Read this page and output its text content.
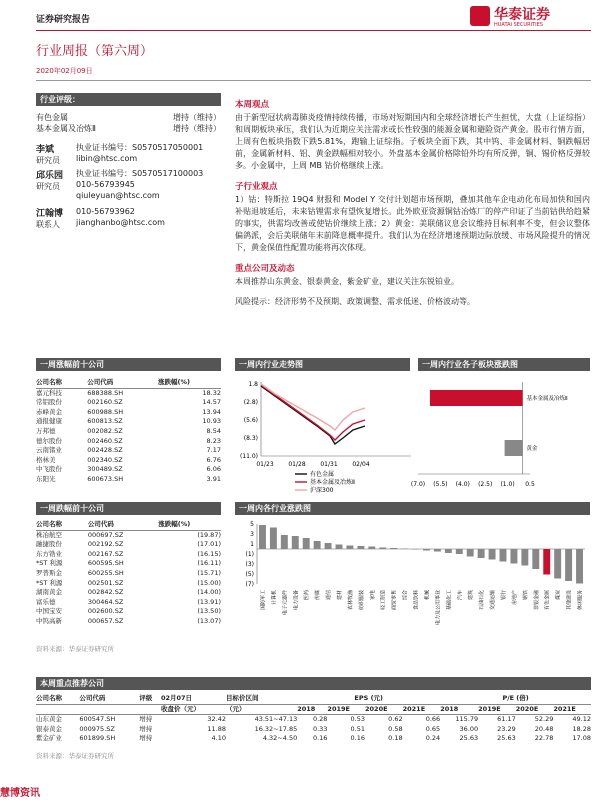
证券研究报告	华泰证券
HUATAI SECURITIES
行业周报（第六周）
2020年02月09日
行业评级：
有色金属	增持（维持）
基本金属及冶炼Ⅱ	增持（维持）
李斌
研究员
执业证书编号：S0570517050001
libin@htsc.com
邱乐园
研究员
执业证书编号：S0570517100003
010-56793945
qiuleyuan@htsc.com
江翰博
联系人
010-56793962
jianghanbo@htsc.com
本周观点
由于新型冠状病毒肺炎疫情持续传播，市场对短期国内和全球经济增长产生担忧，大盘（上证综指）和周期板块承压，我们认为近期应关注需求或长性较强的能源金属和避险资产黄金。股市行情方面，上周有色板块指数下跌5.81%，跑输上证综指。子板块全面下跌，其中钨、非金属材料、铜跌幅居前，金属新材料、铝、黄金跌幅相对较小。外盘基本金属价格除铅外均有所反弹，铜、锡价格反弹较多。小金属中，上周 MB 钴价格继续上涨。
子行业观点
1）钴：特斯拉 19Q4 财报和 Model Y 交付计划超市场预期，叠加其他车企电动化布局加快和国内补贴退坡延后，未来钴锂需求有望恢复增长。此外欧亚资源铜钴冶炼厂的停产印证了当前钴供给趋紧的事实，供需均改善或使钴价继续上涨；2）黄金：美联储议息会议维持目标利率不变，但会议整体偏鸽派，会后美联储年末前降息概率提升。我们认为在经济增速预期边际放缓、市场风险提升的情况下，黄金保值性配置功能将再次体现。
重点公司及动态
本周推荐山东黄金、银泰黄金，紫金矿业，建议关注东锐铂业。
风险提示：经济形势不及预期、政策调整、需求低迷、价格波动等。
一周涨幅前十公司
公司名称	公司代码	涨跌幅(%)
嘉元科技	688388.SH	18.32
常铝股份	002160.SZ	14.57
赤峰黄金	600988.SH	13.94
通报健康	600813.SZ	10.93
万邦德	002082.SZ	8.54
德尔股份	002460.SZ	8.23
云南锗业	002428.SZ	7.17
格林美	002340.SZ	6.76
中飞股份	300489.SZ	6.06
东阳光	600673.SH	3.91
一周跌幅前十公司
公司名称	公司代码	涨跌幅(%)
株冶航空	000697.SZ	(19.87)
融捷股份	002192.SZ	(17.01)
东方锆业	002167.SZ	(16.15)
*ST 利源	600595.SH	(16.11)
罗普斯金	600255.SH	(15.71)
*ST 利源	002501.SZ	(15.00)
湖南黄金	002842.SZ	(14.00)
富乐德	300464.SZ	(13.91)
中国宝安	002600.SZ	(13.50)
中钨高新	000657.SZ	(13.07)
资料来源：华泰证券研究所
一周内行业走势图
1.8
(2.8)
(5.6)
(8.3)
(11.0)
01/23 01/28 01/31 02/04
有色金属
基本金属及冶炼Ⅱ
沪深300
一周内行业各子板块涨跌图
基本金属及冶炼Ⅱ
黄金
(7.0) (5.5) (4.0) (2.5) (1.0) 0.5
一周内各行业涨跌图
5
3
1
(1)
(3)
(5)
(7)
国防军工 计算机 电子元器件 电力设备 医药 传媒 通信 建材 农林牧渔 纺织服装 家电 轻工制造 商贸零售 综合 食品饮料 机械 电力及公用事业 基础化工 汽车 建筑 石油石化 交通运输 银行 房地产 钢铁 非银金融 有色金属 煤炭 其他建设 休闲服务
本周重点推荐公司
公司名称	公司代码	评级	02月07日	目标价区间	EPS (元)				P/E (倍)			
			收盘价（元）	（元）	2018	2019E	2020E	2021E	2018	2019E	2020E	2021E
山东黄金	600547.SH	增持	32.42	43.51~47.13	0.28	0.53	0.62	0.66	115.79	61.17	52.29	49.12
银泰黄金	000975.SZ	增持	11.88	16.32~17.85	0.33	0.51	0.58	0.65	36.00	23.29	20.48	18.28
紫金矿业	601899.SH	增持	4.10	4.32~4.50	0.16	0.16	0.18	0.24	25.63	25.63	22.78	17.08
资料来源：华泰证券研究所
慧博资讯
